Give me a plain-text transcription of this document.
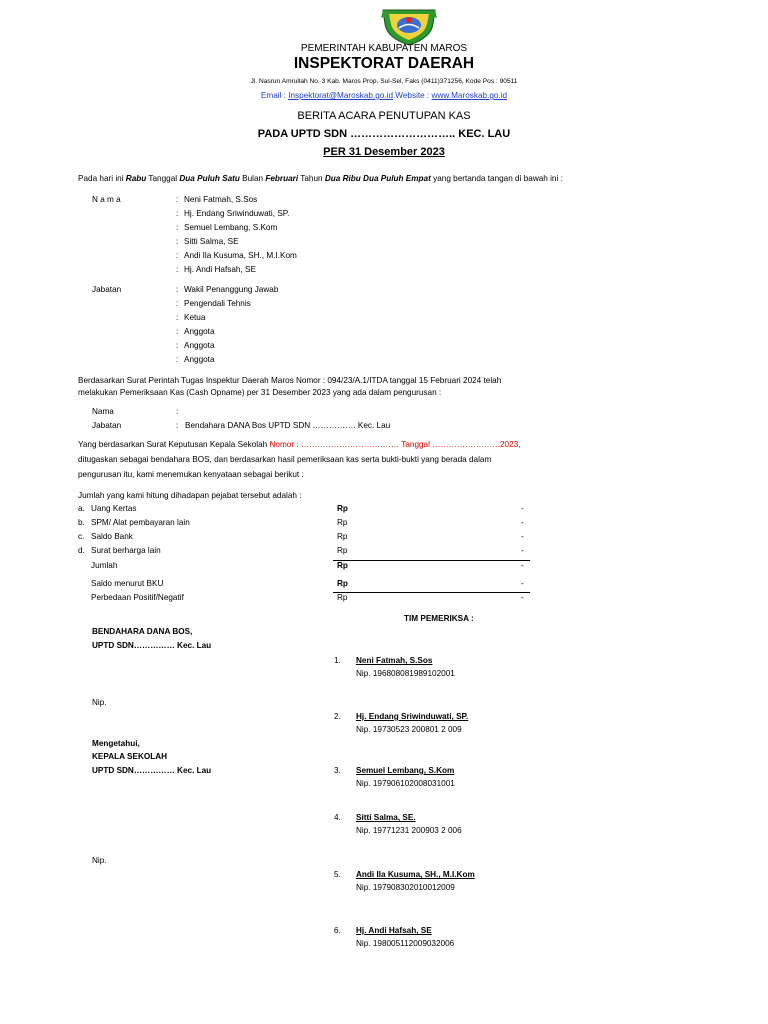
PEMERINTAH KABUPATEN MAROS
INSPEKTORAT DAERAH
Jl. Nasrun Amrullah No. 3 Kab. Maros Prop. Sul-Sel, Faks (0411)371256, Kode Pos : 90511
Email : Inspektorat@Maroskab.go.id.Website : www.Maroskab.go.id
BERITA ACARA PENUTUPAN KAS
PADA UPTD SDN ……………………….. KEC. LAU
PER 31 Desember 2023
Pada hari ini Rabu Tanggal Dua Puluh Satu Bulan Februari Tahun Dua Ribu Dua Puluh Empat yang bertanda tangan di bawah ini :
N a m a	: Neni Fatmah, S.Sos
: Hj. Endang Sriwinduwati, SP.
: Semuel Lembang, S.Kom
: Sitti Salma, SE
: Andi Ila Kusuma, SH., M.I.Kom
: Hj. Andi Hafsah, SE
Jabatan	: Wakil Penanggung Jawab
: Pengendali Tehnis
: Ketua
: Anggota
: Anggota
: Anggota
Berdasarkan Surat Perintah Tugas Inspektur Daerah Maros Nomor : 094/23/A.1/ITDA tanggal 15 Februari 2024 telah
melakukan Pemeriksaan Kas (Cash Opname) per 31 Desember 2023 yang ada dalam pengurusan :
Nama	:
Jabatan	: Bendahara DANA Bos UPTD SDN ……………. Kec. Lau
Yang berdasarkan Surat Keputusan Kepala Sekolah Nomor : ……………………………… Tanggal …………………….2023,
ditugaskan sebagai bendahara BOS, dan berdasarkan hasil pemeriksaan kas serta bukti-bukti yang berada dalam
pengurusan itu, kami menemukan kenyataan sebagai berikut :
Jumlah yang kami hitung dihadapan pejabat tersebut adalah :
a. Uang Kertas	Rp	-
b. SPM/ Alat pembayaran lain	Rp	-
c. Saldo Bank	Rp	-
d. Surat berharga lain	Rp	-
Jumlah	Rp	-
Saldo menurut BKU	Rp	-
Perbedaan Positif/Negatif	Rp	-
TIM PEMERIKSA :
BENDAHARA DANA BOS,
UPTD SDN…………… Kec. Lau
Nip.
Mengetahui,
KEPALA SEKOLAH
UPTD SDN…………… Kec. Lau
Nip.
1. Neni Fatmah, S.Sos
Nip. 196808081989102001
2. Hj. Endang Sriwinduwati, SP.
Nip. 19730523 200801 2 009
3. Semuel Lembang, S.Kom
Nip. 197906102008031001
4. Sitti Salma, SE.
Nip. 19771231 200903 2 006
5. Andi Ila Kusuma, SH., M.I.Kom
Nip. 197908302010012009
6. Hj. Andi Hafsah, SE
Nip. 198005112009032006
